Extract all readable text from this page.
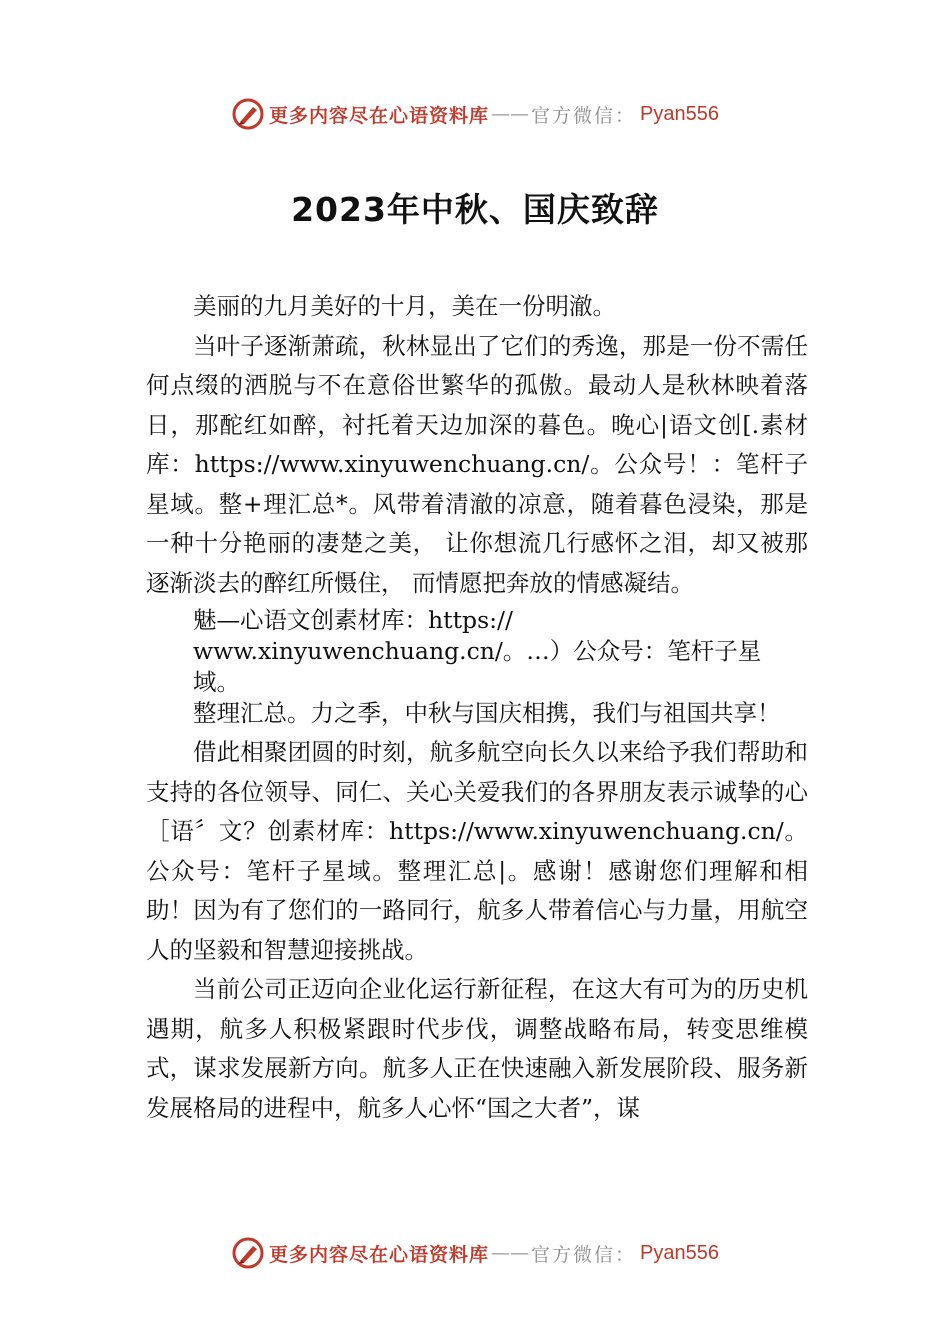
更多内容尽在心语资料库 —— 官方微信： Pyan556
2023年中秋、国庆致辞

美丽的九月美好的十月，美在一份明澈。

当叶子逐渐萧疏，秋林显出了它们的秀逸，那是一份不需任何点缀的洒脱与不在意俗世繁华的孤傲。最动人是秋林映着落日，那酡红如醉，衬托着天边加深的暮色。晚心|语文创[.素材库：https://www.xinyuwenchuang.cn/。公众号！：笔杆子星域。整+理汇总*。风带着清澈的凉意，随着暮色浸染，那是一种十分艳丽的凄楚之美， 让你想流几行感怀之泪，却又被那逐渐淡去的醉红所慑住， 而情愿把奔放的情感凝结。

魅—心语文创素材库：https://
www.xinyuwenchuang.cn/。…）公众号：笔杆子星域。
整理汇总。力之季，中秋与国庆相携，我们与祖国共享！

借此相聚团圆的时刻，航多航空向长久以来给予我们帮助和支持的各位领导、同仁、关心关爱我们的各界朋友表示诚挚的心［语〞文？创素材库：https://www.xinyuwenchuang.cn/。公众号：笔杆子星域。整理汇总|。感谢！感谢您们理解和相助！因为有了您们的一路同行，航多人带着信心与力量，用航空人的坚毅和智慧迎接挑战。

当前公司正迈向企业化运行新征程，在这大有可为的历史机遇期，航多人积极紧跟时代步伐，调整战略布局，转变思维模式，谋求发展新方向。航多人正在快速融入新发展阶段、服务新发展格局的进程中，航多人心怀“国之大者”，谋

更多内容尽在心语资料库 —— 官方微信： Pyan556
